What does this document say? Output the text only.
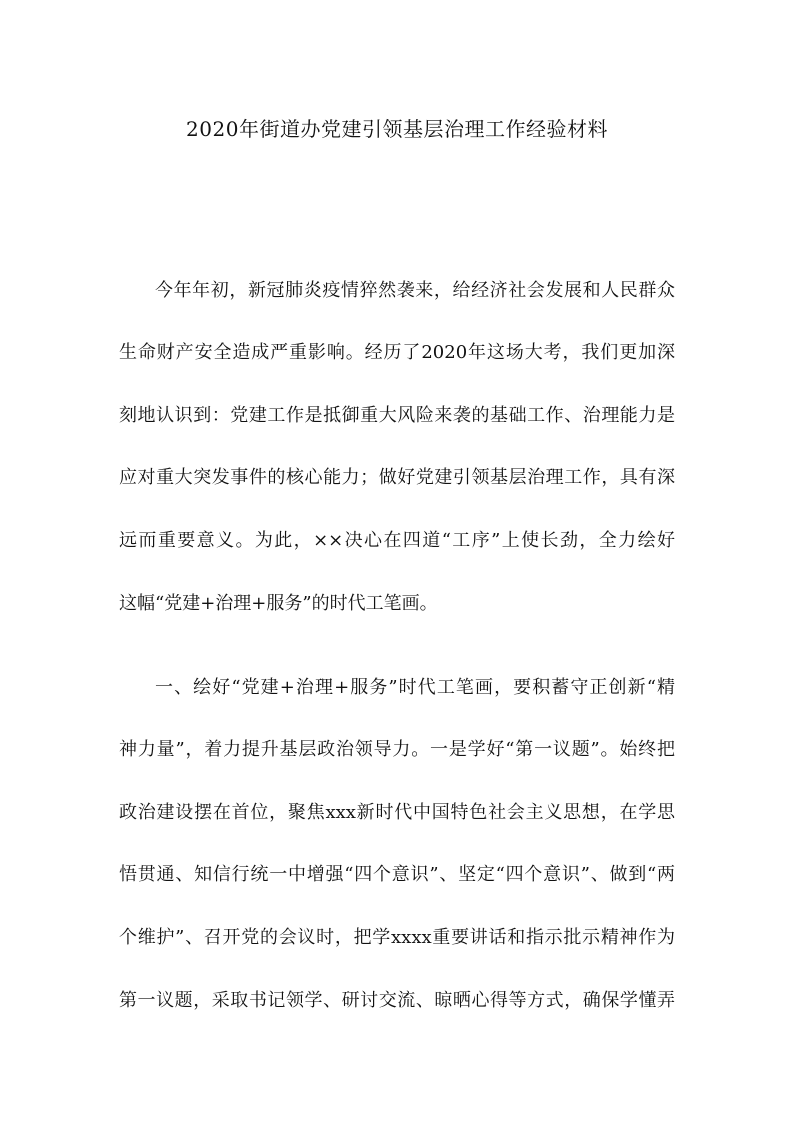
2020年街道办党建引领基层治理工作经验材料

今年年初，新冠肺炎疫情猝然袭来，给经济社会发展和人民群众

生命财产安全造成严重影响。经历了2020年这场大考，我们更加深

刻地认识到：党建工作是抵御重大风险来袭的基础工作、治理能力是

应对重大突发事件的核心能力；做好党建引领基层治理工作，具有深

远而重要意义。为此，××决心在四道“工序”上使长劲，全力绘好

这幅“党建+治理+服务”的时代工笔画。

一、绘好“党建+治理+服务”时代工笔画，要积蓄守正创新“精

神力量”，着力提升基层政治领导力。一是学好“第一议题”。始终把

政治建设摆在首位，聚焦xxx新时代中国特色社会主义思想，在学思

悟贯通、知信行统一中增强“四个意识”、坚定“四个意识”、做到“两

个维护”、召开党的会议时，把学xxxx重要讲话和指示批示精神作为

第一议题，采取书记领学、研讨交流、晾晒心得等方式，确保学懂弄
